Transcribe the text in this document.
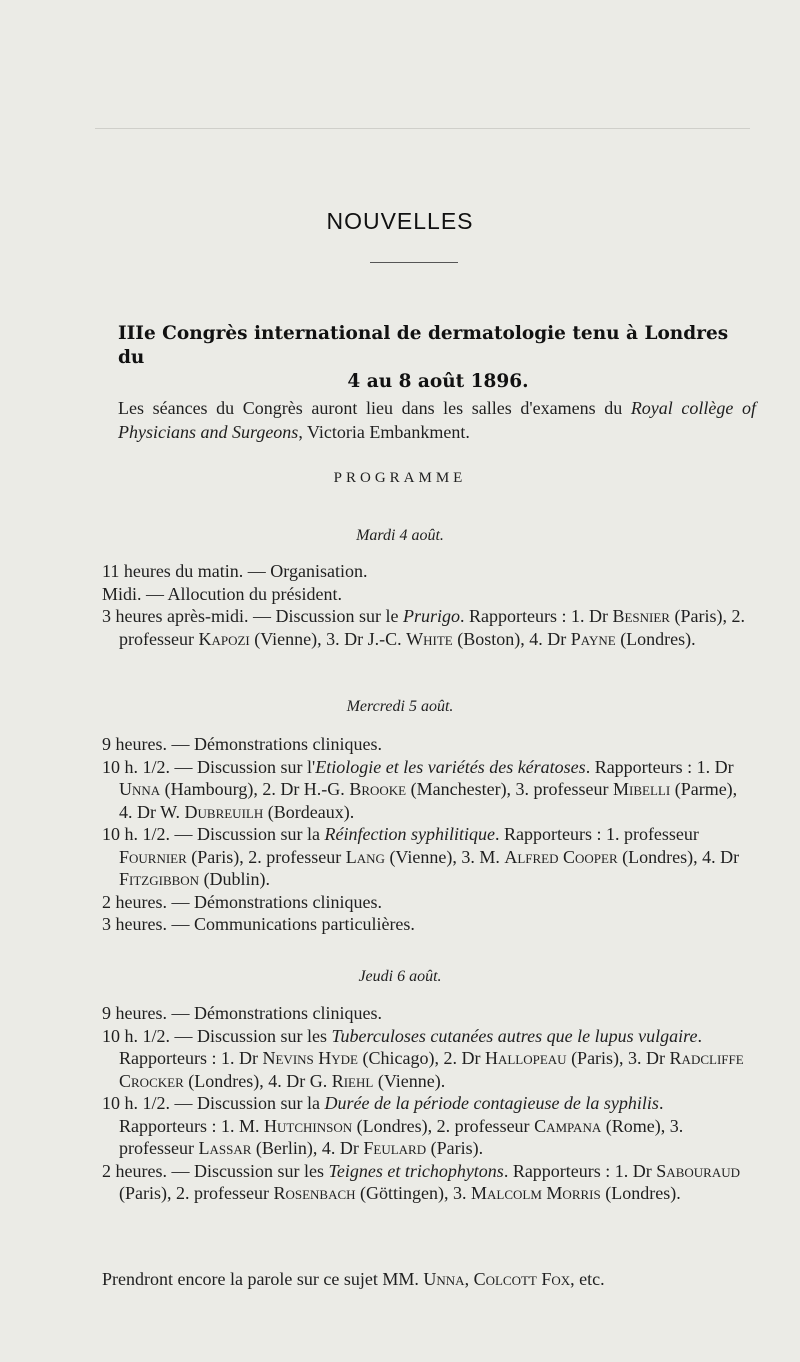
NOUVELLES
IIIe Congrès international de dermatologie tenu à Londres du
4 au 8 août 1896.
Les séances du Congrès auront lieu dans les salles d'examens du Royal collège of Physicians and Surgeons, Victoria Embankment.
PROGRAMME
Mardi 4 août.

11 heures du matin. — Organisation.

Midi. — Allocution du président.

3 heures après-midi. — Discussion sur le Prurigo. Rapporteurs : 1. Dr Besnier (Paris), 2. professeur Kapozi (Vienne), 3. Dr J.-C. White (Boston), 4. Dr Payne (Londres).

Mercredi 5 août.

9 heures. — Démonstrations cliniques.

10 h. 1/2. — Discussion sur l'Etiologie et les variétés des kératoses. Rapporteurs : 1. Dr Unna (Hambourg), 2. Dr H.-G. Brooke (Manchester), 3. professeur Mibelli (Parme), 4. Dr W. Dubreuilh (Bordeaux).

10 h. 1/2. — Discussion sur la Réinfection syphilitique. Rapporteurs : 1. professeur Fournier (Paris), 2. professeur Lang (Vienne), 3. M. Alfred Cooper (Londres), 4. Dr Fitzgibbon (Dublin).

2 heures. — Démonstrations cliniques.

3 heures. — Communications particulières.

Jeudi 6 août.

9 heures. — Démonstrations cliniques.

10 h. 1/2. — Discussion sur les Tuberculoses cutanées autres que le lupus vulgaire. Rapporteurs : 1. Dr Nevins Hyde (Chicago), 2. Dr Hallopeau (Paris), 3. Dr Radcliffe Crocker (Londres), 4. Dr G. Riehl (Vienne).

10 h. 1/2. — Discussion sur la Durée de la période contagieuse de la syphilis. Rapporteurs : 1. M. Hutchinson (Londres), 2. professeur Campana (Rome), 3. professeur Lassar (Berlin), 4. Dr Feulard (Paris).

2 heures. — Discussion sur les Teignes et trichophytons. Rapporteurs : 1. Dr Sabouraud (Paris), 2. professeur Rosenbach (Göttingen), 3. Malcolm Morris (Londres).

Prendront encore la parole sur ce sujet MM. Unna, Colcott Fox, etc.
